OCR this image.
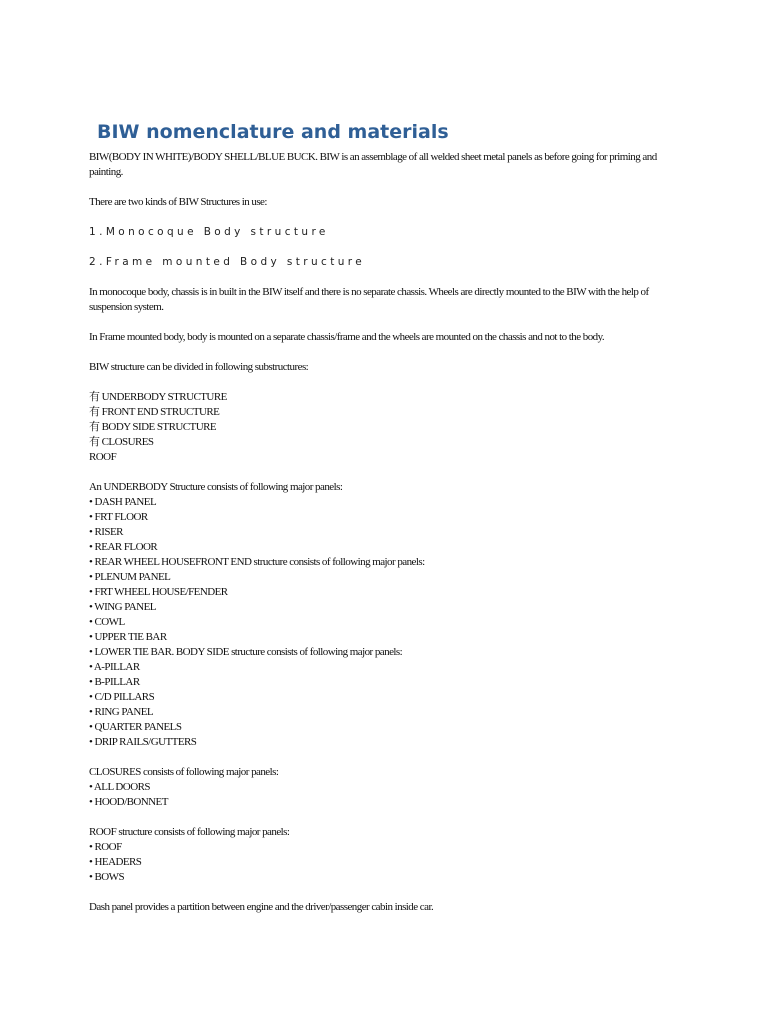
BIW nomenclature and materials

BIW(BODY IN WHITE)/BODY SHELL/BLUE BUCK. BIW is an assemblage of all welded sheet metal panels as before going for priming and painting.

There are two kinds of BIW Structures in use:

1.Monocoque Body structure

2.Frame mounted Body structure

In monocoque body, chassis is in built in the BIW itself and there is no separate chassis. Wheels are directly mounted to the BIW with the help of suspension system.

In Frame mounted body, body is mounted on a separate chassis/frame and the wheels are mounted on the chassis and not to the body.

BIW structure can be divided in following substructures:

有 UNDERBODY STRUCTURE
有 FRONT END STRUCTURE
有 BODY SIDE STRUCTURE
有 CLOSURES
ROOF
An UNDERBODY Structure consists of following major panels:
• DASH PANEL
• FRT FLOOR
• RISER
• REAR FLOOR
• REAR WHEEL HOUSEFRONT END structure consists of following major panels:
• PLENUM PANEL
• FRT WHEEL HOUSE/FENDER
• WING PANEL
• COWL
• UPPER TIE BAR
• LOWER TIE BAR. BODY SIDE structure consists of following major panels:
• A-PILLAR
• B-PILLAR
• C/D PILLARS
• RING PANEL
• QUARTER PANELS
• DRIP RAILS/GUTTERS
CLOSURES consists of following major panels:
• ALL DOORS
• HOOD/BONNET
ROOF structure consists of following major panels:
• ROOF
• HEADERS
• BOWS

Dash panel provides a partition between engine and the driver/passenger cabin inside car.
